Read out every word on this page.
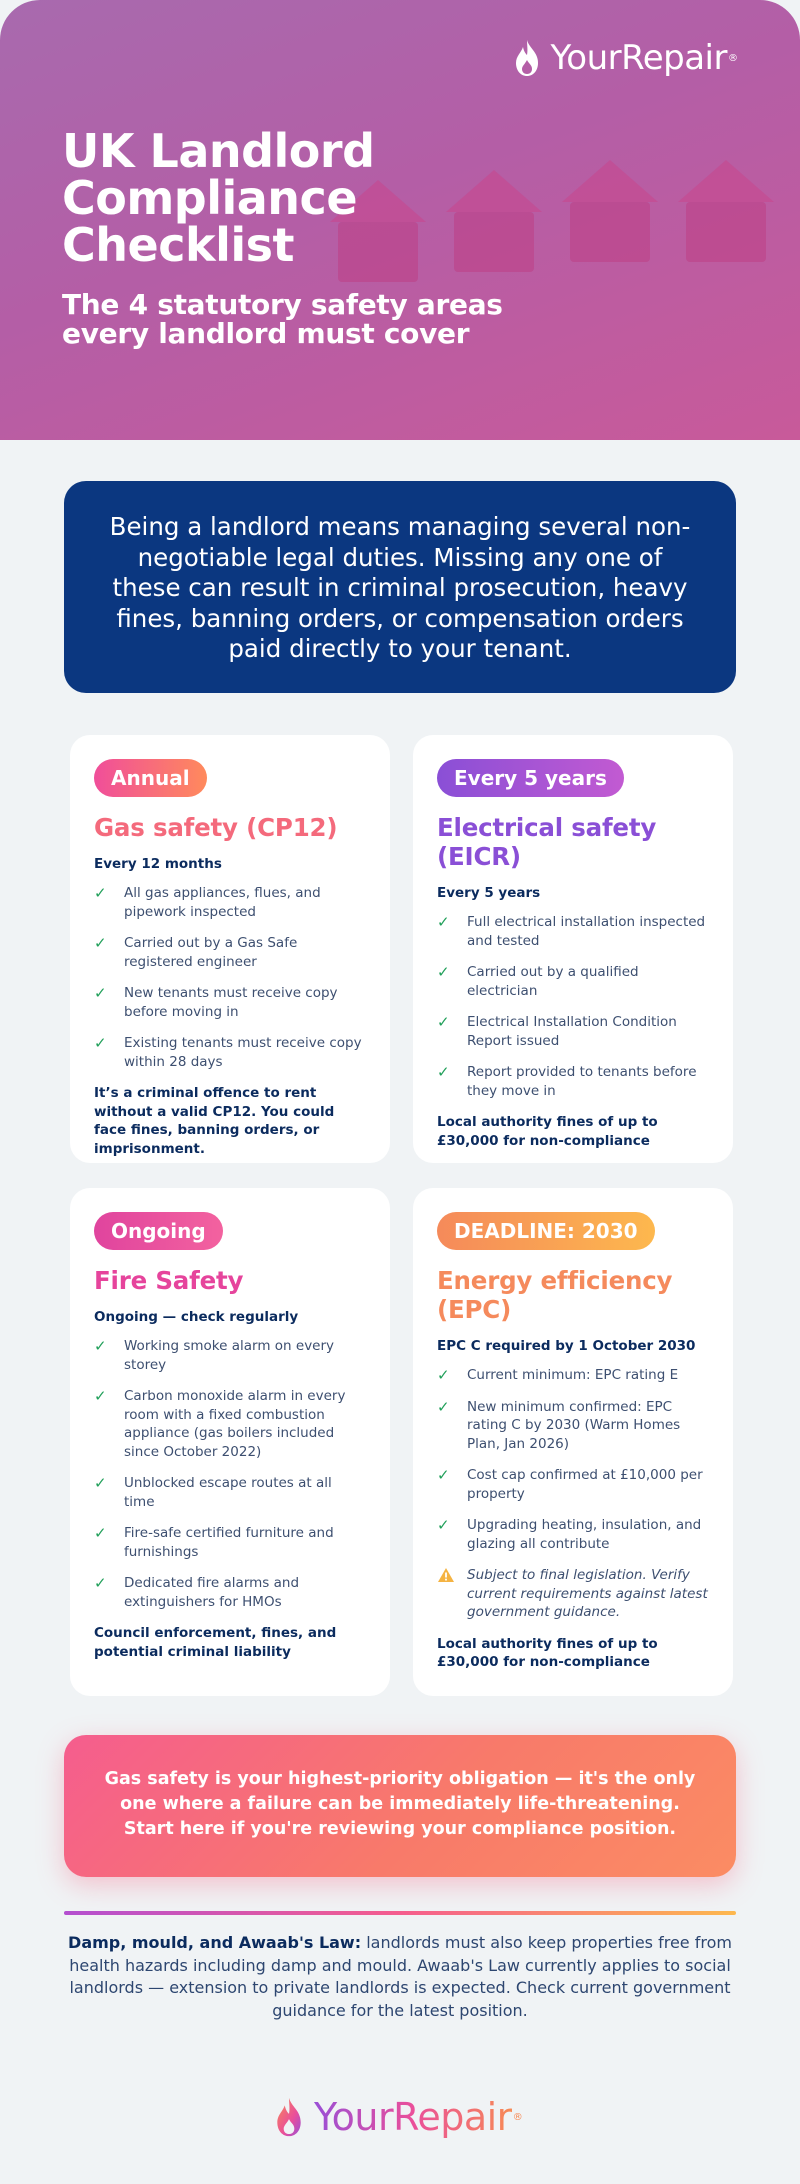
YourRepair ®
UK Landlord Compliance Checklist
The 4 statutory safety areas every landlord must cover
Being a landlord means managing several non-negotiable legal duties. Missing any one of these can result in criminal prosecution, heavy fines, banning orders, or compensation orders paid directly to your tenant.
Annual
Gas safety (CP12)
Every 12 months
✓	All gas appliances, flues, and pipework inspected
✓	Carried out by a Gas Safe registered engineer
✓	New tenants must receive copy before moving in
✓	Existing tenants must receive copy within 28 days
It’s a criminal offence to rent without a valid CP12. You could face fines, banning orders, or imprisonment.
Every 5 years
Electrical safety (EICR)
Every 5 years
✓	Full electrical installation inspected and tested
✓	Carried out by a qualified electrician
✓	Electrical Installation Condition Report issued
✓	Report provided to tenants before they move in
Local authority fines of up to £30,000 for non-compliance
Ongoing
Fire Safety
Ongoing — check regularly
✓	Working smoke alarm on every storey
✓	Carbon monoxide alarm in every room with a fixed combustion appliance (gas boilers included since October 2022)
✓	Unblocked escape routes at all time
✓	Fire-safe certified furniture and furnishings
✓	Dedicated fire alarms and extinguishers for HMOs
Council enforcement, fines, and potential criminal liability
DEADLINE: 2030
Energy efficiency (EPC)
EPC C required by 1 October 2030
✓	Current minimum: EPC rating E
✓	New minimum confirmed: EPC rating C by 2030 (Warm Homes Plan, Jan 2026)
✓	Cost cap confirmed at £10,000 per property
✓	Upgrading heating, insulation, and glazing all contribute
Subject to final legislation. Verify current requirements against latest government guidance.
Local authority fines of up to £30,000 for non-compliance
Gas safety is your highest-priority obligation — it's the only one where a failure can be immediately life-threatening. Start here if you're reviewing your compliance position.

Damp, mould, and Awaab's Law: landlords must also keep properties free from health hazards including damp and mould. Awaab's Law currently applies to social landlords — extension to private landlords is expected. Check current government guidance for the latest position.

YourRepair ®
